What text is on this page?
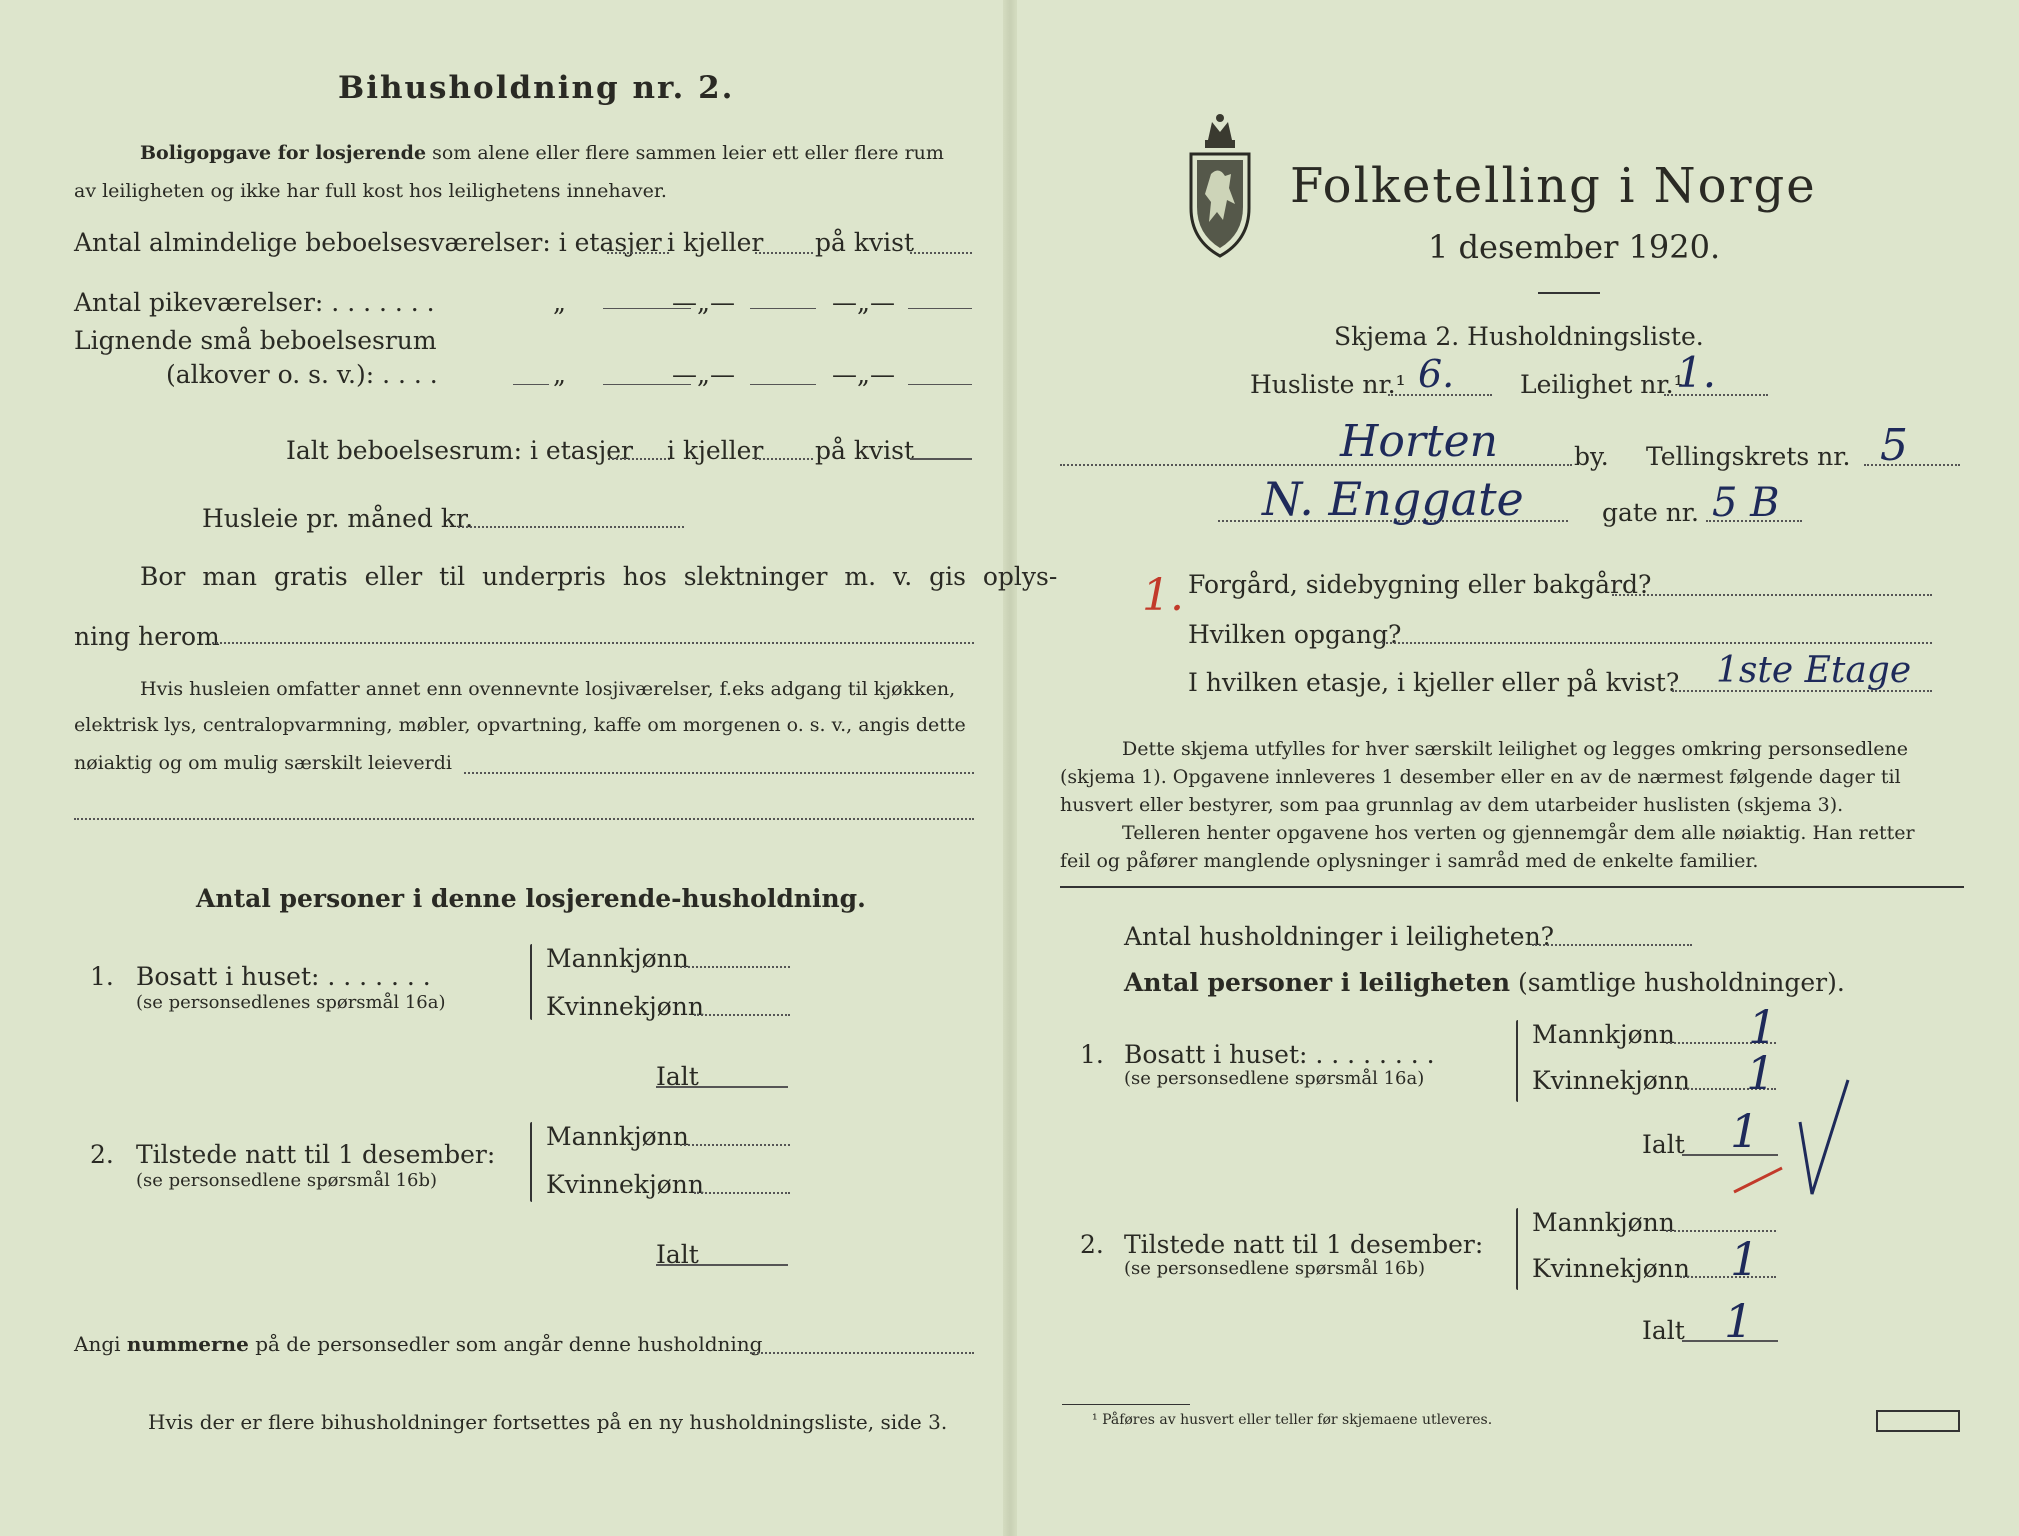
Bihusholdning nr. 2.
Boligopgave for losjerende som alene eller flere sammen leier ett eller flere rum
av leiligheten og ikke har full kost hos leilighetens innehaver.
Antal almindelige beboelsesværelser: i etasjer i kjeller på kvist
Antal pikeværelser: . . . . . . .	„	—„—	—„—
Lignende små beboelsesrum
(alkover o. s. v.): . . . .	„	—„—	—„—
Ialt beboelsesrum: i etasjer i kjeller på kvist
Husleie pr. måned kr.
Bor man gratis eller til underpris hos slektninger m. v. gis oplys-
ning herom
Hvis husleien omfatter annet enn ovennevnte losjiværelser, f.eks adgang til kjøkken,
elektrisk lys, centralopvarmning, møbler, opvartning, kaffe om morgenen o. s. v., angis dette
nøiaktig og om mulig særskilt leieverdi
Antal personer i denne losjerende-husholdning.
1. Bosatt i huset: . . . . . . .
(se personsedlenes spørsmål 16a)
Mannkjønn
Kvinnekjønn
Ialt
2. Tilstede natt til 1 desember:
(se personsedlene spørsmål 16b)
Mannkjønn
Kvinnekjønn
Ialt
Angi nummerne på de personsedler som angår denne husholdning
Hvis der er flere bihusholdninger fortsettes på en ny husholdningsliste, side 3.
Folketelling i Norge
1 desember 1920.
Skjema 2. Husholdningsliste.
Husliste nr.¹ 6.	Leilighet nr.¹
1.
Horten	by. Tellingskrets nr. 5
N. Enggate	gate nr. 5 B
1. Forgård, sidebygning eller bakgård?
Hvilken opgang?
I hvilken etasje, i kjeller eller på kvist? 1ste Etage
Dette skjema utfylles for hver særskilt leilighet og legges omkring personsedlene
(skjema 1). Opgavene innleveres 1 desember eller en av de nærmest følgende dager til
husvert eller bestyrer, som paa grunnlag av dem utarbeider huslisten (skjema 3).
Telleren henter opgavene hos verten og gjennemgår dem alle nøiaktig. Han retter
feil og påfører manglende oplysninger i samråd med de enkelte familier.
Antal husholdninger i leiligheten?
Antal personer i leiligheten (samtlige husholdninger).
1. Bosatt i huset: . . . . . . . .
(se personsedlene spørsmål 16a)
Mannkjønn 1
Kvinnekjønn 1
Ialt 1
2. Tilstede natt til 1 desember:
(se personsedlene spørsmål 16b)
Mannkjønn
Kvinnekjønn 1
Ialt 1
¹ Påføres av husvert eller teller før skjemaene utleveres.
